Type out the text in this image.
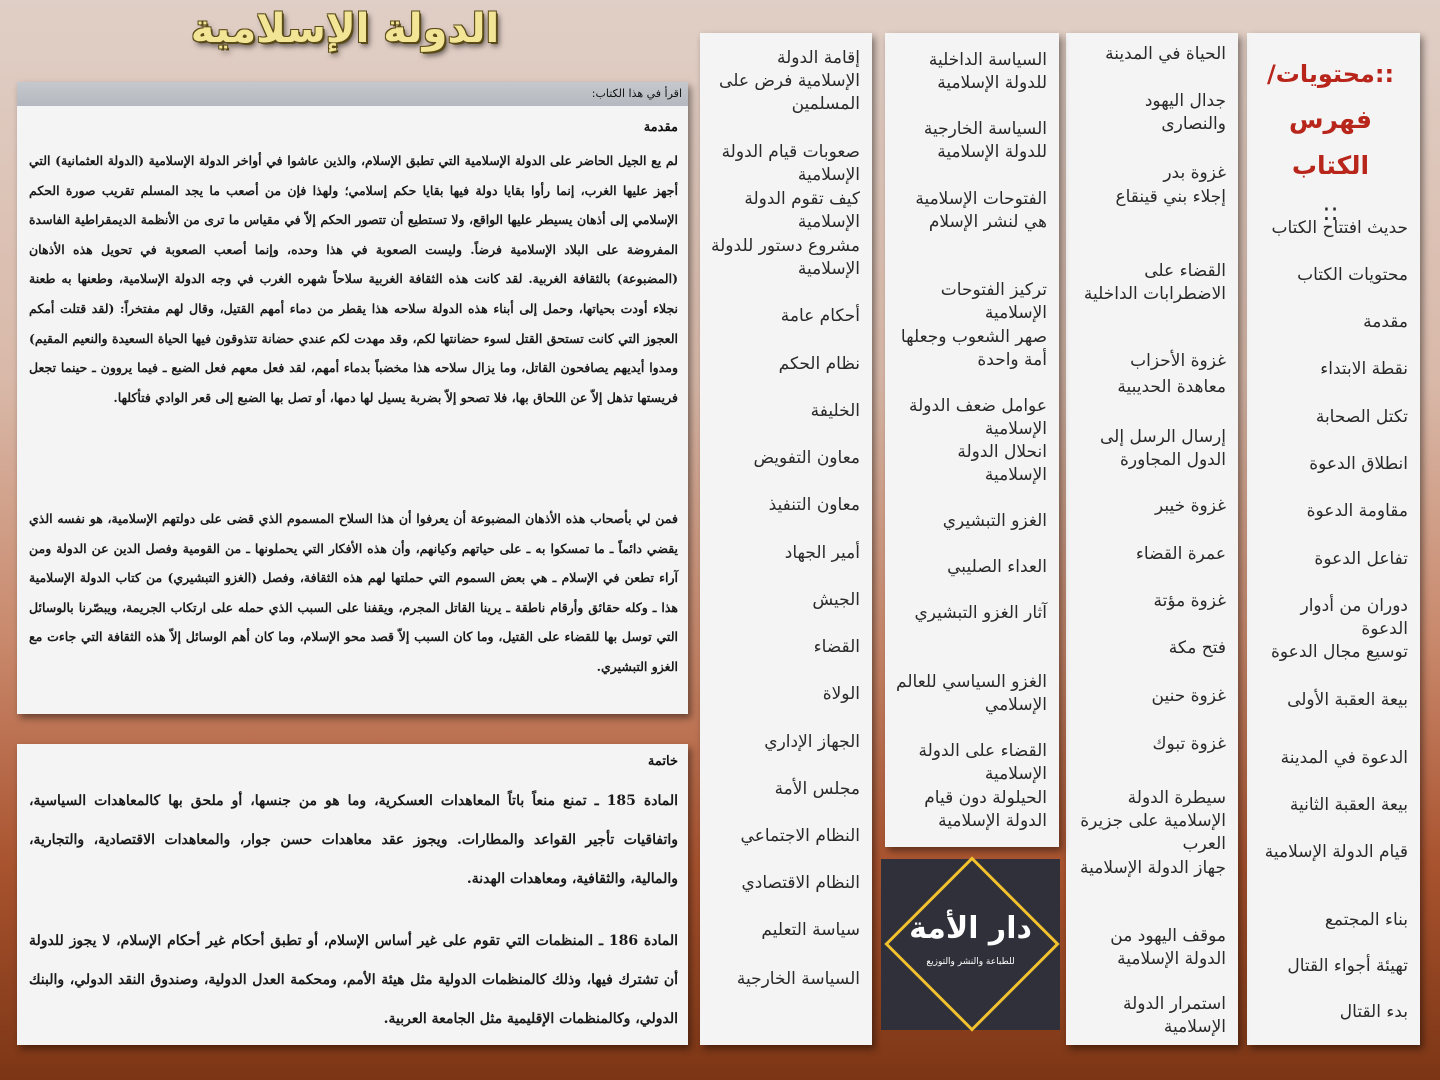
الدولة الإسلامية
اقرأ في هذا الكتاب:
مقدمة
لم يع الجيل الحاضر على الدولة الإسلامية التي تطبق الإسلام، والذين عاشوا في أواخر الدولة الإسلامية (الدولة العثمانية) التي أجهز عليها الغرب، إنما رأوا بقايا دولة فيها بقايا حكم إسلامي؛ ولهذا فإن من أصعب ما يجد المسلم تقريب صورة الحكم الإسلامي إلى أذهان يسيطر عليها الواقع، ولا تستطيع أن تتصور الحكم إلاّ في مقياس ما ترى من الأنظمة الديمقراطية الفاسدة المفروضة على البلاد الإسلامية فرضاً. وليست الصعوبة في هذا وحده، وإنما أصعب الصعوبة في تحويل هذه الأذهان (المضبوعة) بالثقافة الغربية. لقد كانت هذه الثقافة الغربية سلاحاً شهره الغرب في وجه الدولة الإسلامية، وطعنها به طعنة نجلاء أودت بحياتها، وحمل إلى أبناء هذه الدولة سلاحه هذا يقطر من دماء أمهم القتيل، وقال لهم مفتخراً: (لقد قتلت أمكم العجوز التي كانت تستحق القتل لسوء حضانتها لكم، وقد مهدت لكم عندي حضانة تتذوقون فيها الحياة السعيدة والنعيم المقيم) ومدوا أيديهم يصافحون القاتل، وما يزال سلاحه هذا مخضباً بدماء أمهم، لقد فعل معهم فعل الضبع ـ فيما يروون ـ حينما تجعل فريستها تذهل إلاّ عن اللحاق بها، فلا تصحو إلاّ بضربة يسيل لها دمها، أو تصل بها الضبع إلى قعر الوادي فتأكلها.
فمن لي بأصحاب هذه الأذهان المضبوعة أن يعرفوا أن هذا السلاح المسموم الذي قضى على دولتهم الإسلامية، هو نفسه الذي يقضي دائماً ـ ما تمسكوا به ـ على حياتهم وكيانهم، وأن هذه الأفكار التي يحملونها ـ من القومية وفصل الدين عن الدولة ومن آراء تطعن في الإسلام ـ هي بعض السموم التي حملتها لهم هذه الثقافة، وفصل (الغزو التبشيري) من كتاب الدولة الإسلامية هذا ـ وكله حقائق وأرقام ناطقة ـ يرينا القاتل المجرم، ويقفنا على السبب الذي حمله على ارتكاب الجريمة، ويبصّرنا بالوسائل التي توسل بها للقضاء على القتيل، وما كان السبب إلاّ قصد محو الإسلام، وما كان أهم الوسائل إلاّ هذه الثقافة التي جاءت مع الغزو التبشيري.
خاتمة
المادة 185 ـ تمنع منعاً باتاً المعاهدات العسكرية، وما هو من جنسها، أو ملحق بها كالمعاهدات السياسية، واتفاقيات تأجير القواعد والمطارات. ويجوز عقد معاهدات حسن جوار، والمعاهدات الاقتصادية، والتجارية، والمالية، والثقافية، ومعاهدات الهدنة.
المادة 186 ـ المنظمات التي تقوم على غير أساس الإسلام، أو تطبق أحكام غير أحكام الإسلام، لا يجوز للدولة أن تشترك فيها، وذلك كالمنظمات الدولية مثل هيئة الأمم، ومحكمة العدل الدولية، وصندوق النقد الدولي، والبنك الدولي، وكالمنظمات الإقليمية مثل الجامعة العربية.
::محتويات/
فهرس الكتاب
::
حديث افتتاح الكتاب
محتويات الكتاب
مقدمة
نقطة الابتداء
تكتل الصحابة
انطلاق الدعوة
مقاومة الدعوة
تفاعل الدعوة
دوران من أدوار الدعوة
توسيع مجال الدعوة
بيعة العقبة الأولى
الدعوة في المدينة
بيعة العقبة الثانية
قيام الدولة الإسلامية
بناء المجتمع
تهيئة أجواء القتال
بدء القتال
الحياة في المدينة
جدال اليهود والنصارى
غزوة بدر
إجلاء بني قينقاع
القضاء على الاضطرابات الداخلية
غزوة الأحزاب
معاهدة الحديبية
إرسال الرسل إلى الدول المجاورة
غزوة خيبر
عمرة القضاء
غزوة مؤتة
فتح مكة
غزوة حنين
غزوة تبوك
سيطرة الدولة الإسلامية على جزيرة العرب
جهاز الدولة الإسلامية
موقف اليهود من الدولة الإسلامية
استمرار الدولة الإسلامية
السياسة الداخلية للدولة الإسلامية
السياسة الخارجية للدولة الإسلامية
الفتوحات الإسلامية هي لنشر الإسلام
تركيز الفتوحات الإسلامية
صهر الشعوب وجعلها أمة واحدة
عوامل ضعف الدولة الإسلامية
انحلال الدولة الإسلامية
الغزو التبشيري
العداء الصليبي
آثار الغزو التبشيري
الغزو السياسي للعالم الإسلامي
القضاء على الدولة الإسلامية
الحيلولة دون قيام الدولة الإسلامية
إقامة الدولة الإسلامية فرض على المسلمين
صعوبات قيام الدولة الإسلامية
كيف تقوم الدولة الإسلامية
مشروع دستور للدولة الإسلامية
أحكام عامة
نظام الحكم
الخليفة
معاون التفويض
معاون التنفيذ
أمير الجهاد
الجيش
القضاء
الولاة
الجهاز الإداري
مجلس الأمة
النظام الاجتماعي
النظام الاقتصادي
سياسة التعليم
السياسة الخارجية
دار الأمة
للطباعة والنشر والتوزيع
